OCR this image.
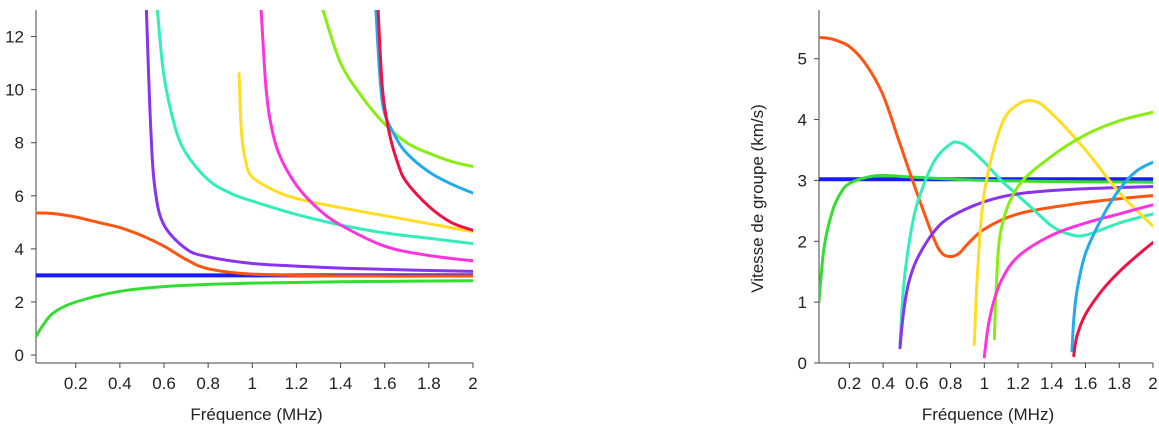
0.2 0.4 0.6 0.8 1 1.2 1.4 1.6 1.8 2
0
2
4
6
8
10
12
Fréquence (MHz)
0.2 0.4 0.6 0.8 1 1.2 1.4 1.6 1.8 2
0
1
2
3
4
5
Fréquence (MHz)
Vitesse de groupe (km/s)
